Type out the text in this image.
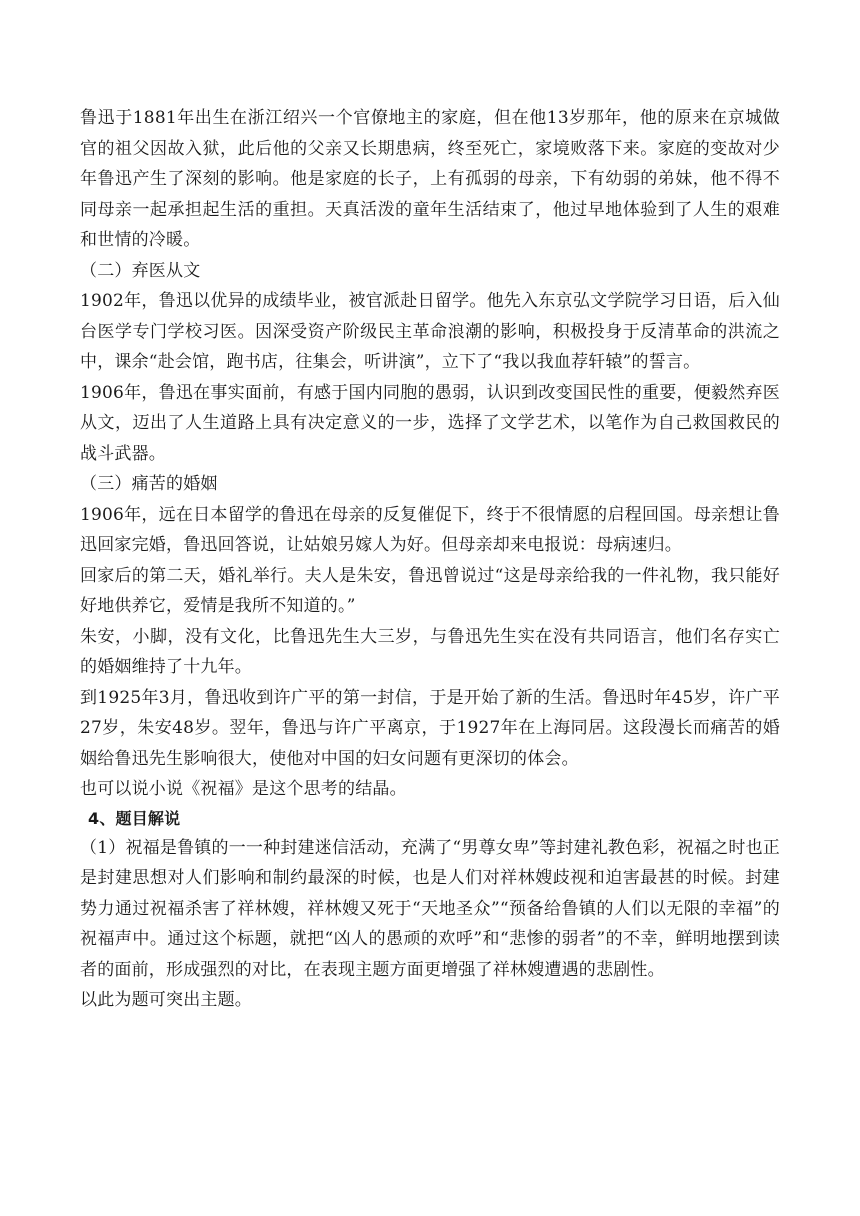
鲁迅于1881年出生在浙江绍兴一个官僚地主的家庭，但在他13岁那年，他的原来在京城做官的祖父因故入狱，此后他的父亲又长期患病，终至死亡，家境败落下来。家庭的变故对少年鲁迅产生了深刻的影响。他是家庭的长子，上有孤弱的母亲，下有幼弱的弟妹，他不得不同母亲一起承担起生活的重担。天真活泼的童年生活结束了，他过早地体验到了人生的艰难和世情的冷暖。

（二）弃医从文

1902年，鲁迅以优异的成绩毕业，被官派赴日留学。他先入东京弘文学院学习日语，后入仙台医学专门学校习医。因深受资产阶级民主革命浪潮的影响，积极投身于反清革命的洪流之中，课余“赴会馆，跑书店，往集会，听讲演”，立下了“我以我血荐轩辕”的誓言。

1906年，鲁迅在事实面前，有感于国内同胞的愚弱，认识到改变国民性的重要，便毅然弃医从文，迈出了人生道路上具有决定意义的一步，选择了文学艺术，以笔作为自己救国救民的战斗武器。

（三）痛苦的婚姻

1906年，远在日本留学的鲁迅在母亲的反复催促下，终于不很情愿的启程回国。母亲想让鲁迅回家完婚，鲁迅回答说，让姑娘另嫁人为好。但母亲却来电报说：母病速归。

回家后的第二天，婚礼举行。夫人是朱安，鲁迅曾说过“这是母亲给我的一件礼物，我只能好好地供养它，爱情是我所不知道的。”

朱安，小脚，没有文化，比鲁迅先生大三岁，与鲁迅先生实在没有共同语言，他们名存实亡的婚姻维持了十九年。

到1925年3月，鲁迅收到许广平的第一封信，于是开始了新的生活。鲁迅时年45岁，许广平27岁，朱安48岁。翌年，鲁迅与许广平离京，于1927年在上海同居。这段漫长而痛苦的婚姻给鲁迅先生影响很大，使他对中国的妇女问题有更深切的体会。

也可以说小说《祝福》是这个思考的结晶。

4、题目解说

（1）祝福是鲁镇的一一种封建迷信活动，充满了“男尊女卑”等封建礼教色彩，祝福之时也正是封建思想对人们影响和制约最深的时候，也是人们对祥林嫂歧视和迫害最甚的时候。封建势力通过祝福杀害了祥林嫂，祥林嫂又死于“天地圣众”“预备给鲁镇的人们以无限的幸福”的祝福声中。通过这个标题，就把“凶人的愚顽的欢呼”和“悲惨的弱者”的不幸，鲜明地摆到读者的面前，形成强烈的对比，在表现主题方面更增强了祥林嫂遭遇的悲剧性。

以此为题可突出主题。
